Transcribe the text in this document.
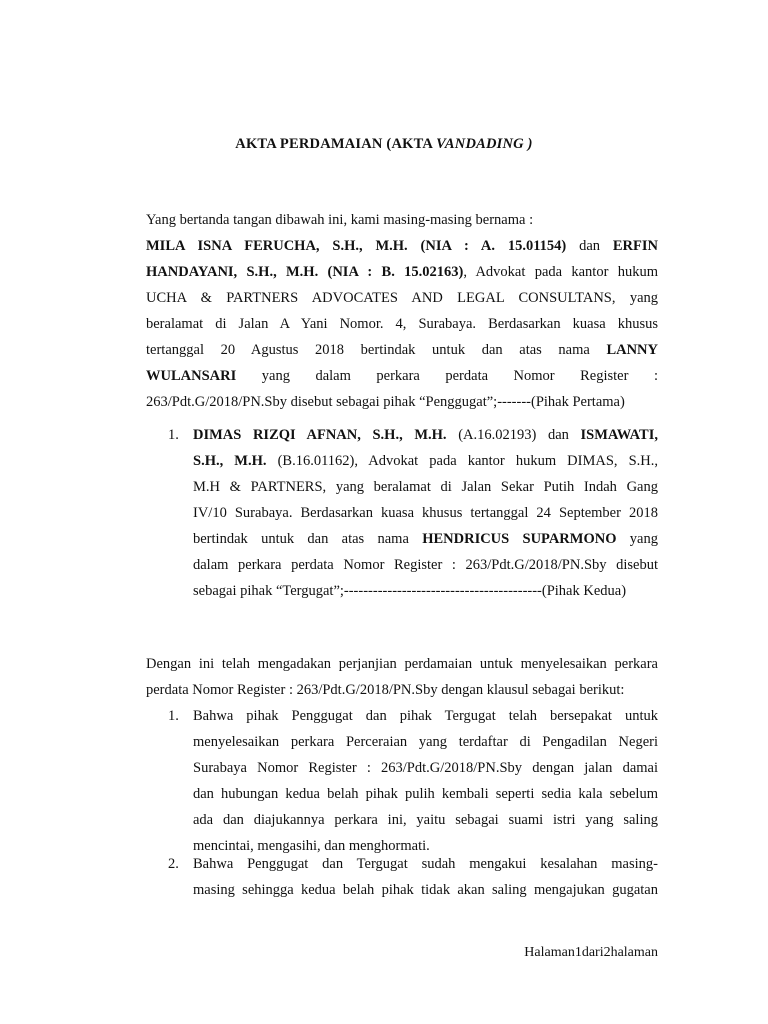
AKTA PERDAMAIAN (AKTA VANDADING )
Yang bertanda tangan dibawah ini, kami masing-masing bernama :
MILA ISNA FERUCHA, S.H., M.H. (NIA : A. 15.01154) dan ERFIN
HANDAYANI, S.H., M.H. (NIA : B. 15.02163), Advokat pada kantor hukum
UCHA & PARTNERS ADVOCATES AND LEGAL CONSULTANS, yang
beralamat di Jalan A Yani Nomor. 4, Surabaya. Berdasarkan kuasa khusus
tertanggal 20 Agustus 2018 bertindak untuk dan atas nama LANNY
WULANSARI yang dalam perkara perdata Nomor Register :
263/Pdt.G/2018/PN.Sby disebut sebagai pihak “Penggugat”;-------(Pihak Pertama)
1. DIMAS RIZQI AFNAN, S.H., M.H. (A.16.02193) dan ISMAWATI,
S.H., M.H. (B.16.01162), Advokat pada kantor hukum DIMAS, S.H.,
M.H & PARTNERS, yang beralamat di Jalan Sekar Putih Indah Gang
IV/10 Surabaya. Berdasarkan kuasa khusus tertanggal 24 September 2018
bertindak untuk dan atas nama HENDRICUS SUPARMONO yang
dalam perkara perdata Nomor Register : 263/Pdt.G/2018/PN.Sby disebut
sebagai pihak “Tergugat”;-----------------------------------------(Pihak Kedua)
Dengan ini telah mengadakan perjanjian perdamaian untuk menyelesaikan perkara
perdata Nomor Register : 263/Pdt.G/2018/PN.Sby dengan klausul sebagai berikut:
1. Bahwa pihak Penggugat dan pihak Tergugat telah bersepakat untuk
menyelesaikan perkara Perceraian yang terdaftar di Pengadilan Negeri
Surabaya Nomor Register : 263/Pdt.G/2018/PN.Sby dengan jalan damai
dan hubungan kedua belah pihak pulih kembali seperti sedia kala sebelum
ada dan diajukannya perkara ini, yaitu sebagai suami istri yang saling
mencintai, mengasihi, dan menghormati.
2. Bahwa Penggugat dan Tergugat sudah mengakui kesalahan masing-
masing sehingga kedua belah pihak tidak akan saling mengajukan gugatan
Halaman1dari2halaman
